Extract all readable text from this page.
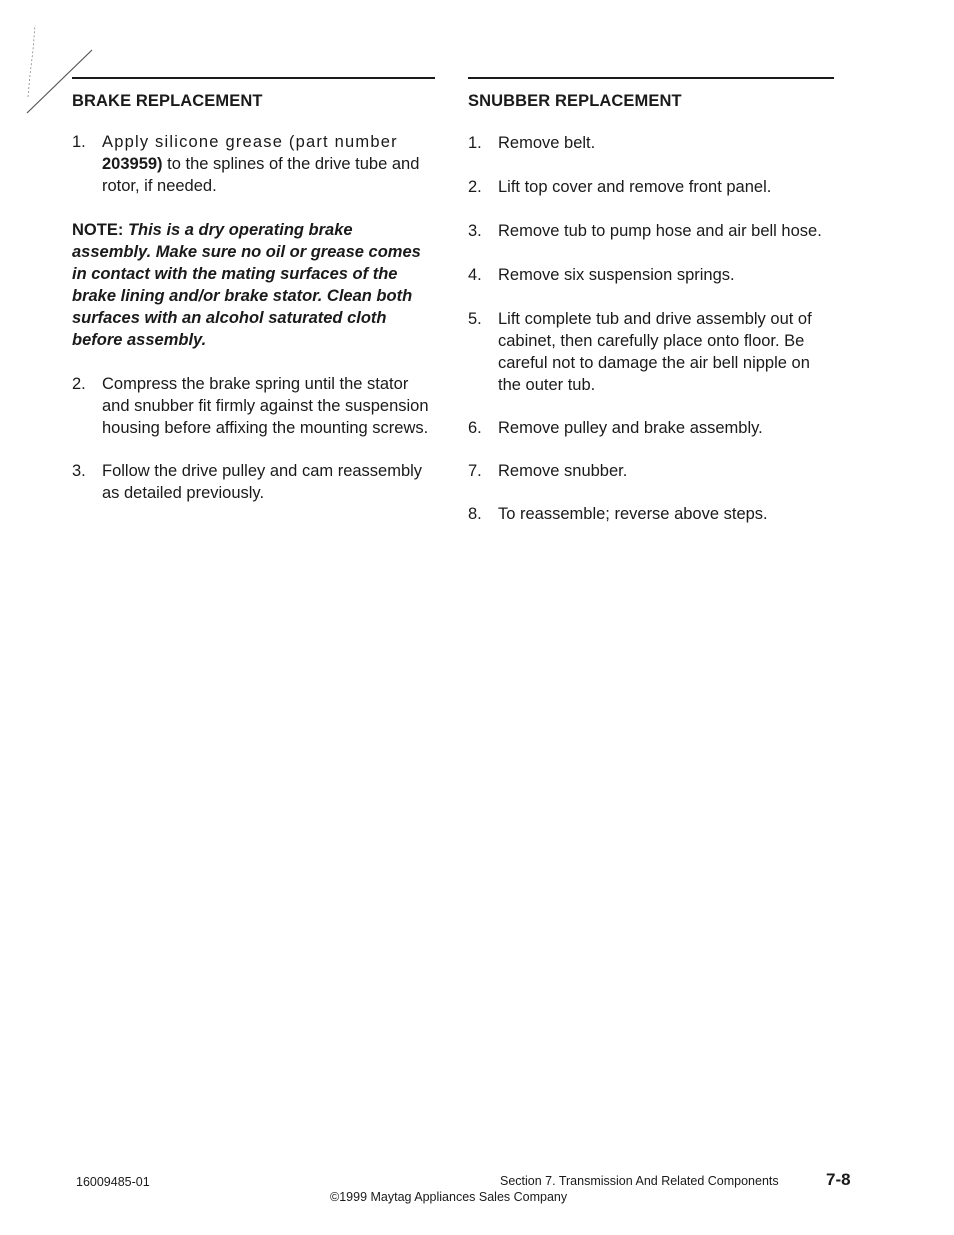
BRAKE REPLACEMENT
1. Apply silicone grease (part number
203959) to the splines of the drive tube and rotor, if needed.

NOTE: This is a dry operating brake assembly. Make sure no oil or grease comes in contact with the mating surfaces of the brake lining and/or brake stator. Clean both surfaces with an alcohol saturated cloth before assembly.

2. Compress the brake spring until the stator and snubber fit firmly against the suspension housing before affixing the mounting screws.
3. Follow the drive pulley and cam reassembly as detailed previously.
SNUBBER REPLACEMENT
1. Remove belt.
2. Lift top cover and remove front panel.
3. Remove tub to pump hose and air bell hose.
4. Remove six suspension springs.
5. Lift complete tub and drive assembly out of cabinet, then carefully place onto floor. Be careful not to damage the air bell nipple on the outer tub.
6. Remove pulley and brake assembly.
7. Remove snubber.
8. To reassemble; reverse above steps.
16009485-01	Section 7. Transmission And Related Components	7-8
©1999 Maytag Appliances Sales Company
